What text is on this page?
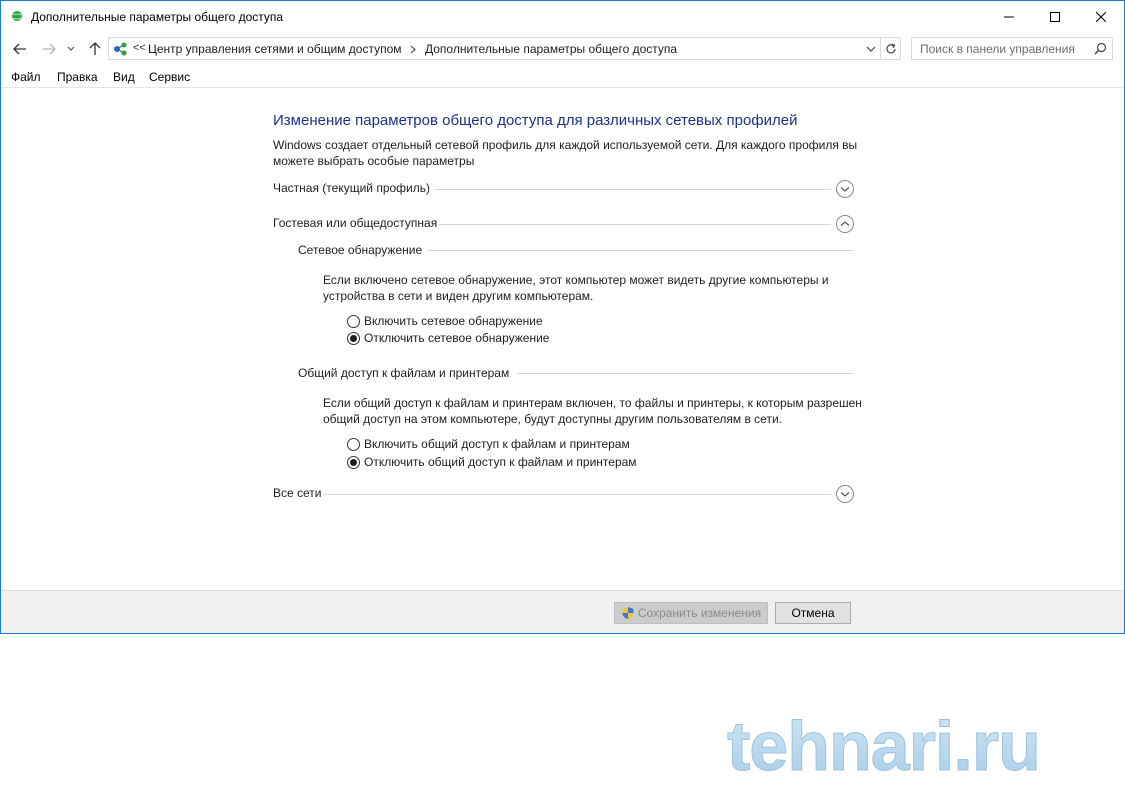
Дополнительные параметры общего доступа
<< Центр управления сетями и общим доступом Дополнительные параметры общего доступа
Поиск в панели управления
Файл Правка Вид Сервис
Изменение параметров общего доступа для различных сетевых профилей
Windows создает отдельный сетевой профиль для каждой используемой сети. Для каждого профиля вы можете выбрать особые параметры
Частная (текущий профиль)
Гостевая или общедоступная
Сетевое обнаружение
Если включено сетевое обнаружение, этот компьютер может видеть другие компьютеры и устройства в сети и виден другим компьютерам.
Включить сетевое обнаружение
Отключить сетевое обнаружение
Общий доступ к файлам и принтерам
Если общий доступ к файлам и принтерам включен, то файлы и принтеры, к которым разрешен общий доступ на этом компьютере, будут доступны другим пользователям в сети.
Включить общий доступ к файлам и принтерам
Отключить общий доступ к файлам и принтерам
Все сети
Сохранить изменения	Отмена
tehnari.ru
